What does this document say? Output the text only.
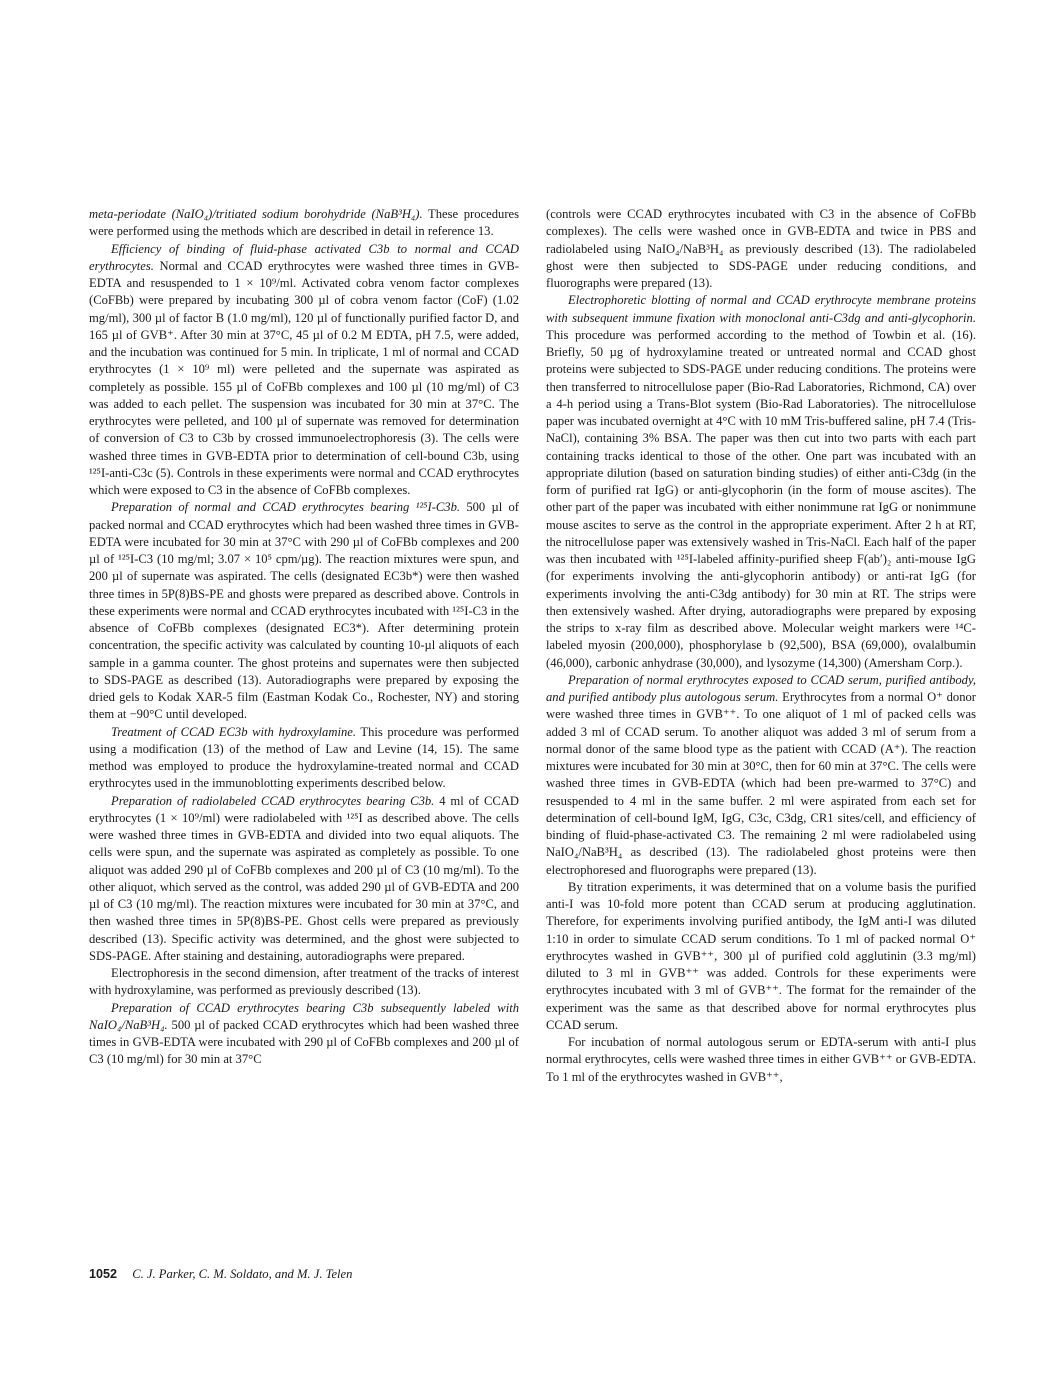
meta-periodate (NaIO₄)/tritiated sodium borohydride (NaB³H₄). These procedures were performed using the methods which are described in detail in reference 13.

Efficiency of binding of fluid-phase activated C3b to normal and CCAD erythrocytes. Normal and CCAD erythrocytes were washed three times in GVB-EDTA and resuspended to 1 × 10⁹/ml. Activated cobra venom factor complexes (CoFBb) were prepared by incubating 300 µl of cobra venom factor (CoF) (1.02 mg/ml), 300 µl of factor B (1.0 mg/ml), 120 µl of functionally purified factor D, and 165 µl of GVB⁺. After 30 min at 37°C, 45 µl of 0.2 M EDTA, pH 7.5, were added, and the incubation was continued for 5 min. In triplicate, 1 ml of normal and CCAD erythrocytes (1 × 10⁹ ml) were pelleted and the supernate was aspirated as completely as possible. 155 µl of CoFBb complexes and 100 µl (10 mg/ml) of C3 was added to each pellet. The suspension was incubated for 30 min at 37°C. The erythrocytes were pelleted, and 100 µl of supernate was removed for determination of conversion of C3 to C3b by crossed immunoelectrophoresis (3). The cells were washed three times in GVB-EDTA prior to determination of cell-bound C3b, using ¹²⁵I-anti-C3c (5). Controls in these experiments were normal and CCAD erythrocytes which were exposed to C3 in the absence of CoFBb complexes.

Preparation of normal and CCAD erythrocytes bearing ¹²⁵I-C3b. 500 µl of packed normal and CCAD erythrocytes which had been washed three times in GVB-EDTA were incubated for 30 min at 37°C with 290 µl of CoFBb complexes and 200 µl of ¹²⁵I-C3 (10 mg/ml; 3.07 × 10⁵ cpm/µg). The reaction mixtures were spun, and 200 µl of supernate was aspirated. The cells (designated EC3b*) were then washed three times in 5P(8)BS-PE and ghosts were prepared as described above. Controls in these experiments were normal and CCAD erythrocytes incubated with ¹²⁵I-C3 in the absence of CoFBb complexes (designated EC3*). After determining protein concentration, the specific activity was calculated by counting 10-µl aliquots of each sample in a gamma counter. The ghost proteins and supernates were then subjected to SDS-PAGE as described (13). Autoradiographs were prepared by exposing the dried gels to Kodak XAR-5 film (Eastman Kodak Co., Rochester, NY) and storing them at −90°C until developed.

Treatment of CCAD EC3b with hydroxylamine. This procedure was performed using a modification (13) of the method of Law and Levine (14, 15). The same method was employed to produce the hydroxylamine-treated normal and CCAD erythrocytes used in the immunoblotting experiments described below.

Preparation of radiolabeled CCAD erythrocytes bearing C3b. 4 ml of CCAD erythrocytes (1 × 10⁹/ml) were radiolabeled with ¹²⁵I as described above. The cells were washed three times in GVB-EDTA and divided into two equal aliquots. The cells were spun, and the supernate was aspirated as completely as possible. To one aliquot was added 290 µl of CoFBb complexes and 200 µl of C3 (10 mg/ml). To the other aliquot, which served as the control, was added 290 µl of GVB-EDTA and 200 µl of C3 (10 mg/ml). The reaction mixtures were incubated for 30 min at 37°C, and then washed three times in 5P(8)BS-PE. Ghost cells were prepared as previously described (13). Specific activity was determined, and the ghost were subjected to SDS-PAGE. After staining and destaining, autoradiographs were prepared.

Electrophoresis in the second dimension, after treatment of the tracks of interest with hydroxylamine, was performed as previously described (13).

Preparation of CCAD erythrocytes bearing C3b subsequently labeled with NaIO₄/NaB³H₄. 500 µl of packed CCAD erythrocytes which had been washed three times in GVB-EDTA were incubated with 290 µl of CoFBb complexes and 200 µl of C3 (10 mg/ml) for 30 min at 37°C

(controls were CCAD erythrocytes incubated with C3 in the absence of CoFBb complexes). The cells were washed once in GVB-EDTA and twice in PBS and radiolabeled using NaIO₄/NaB³H₄ as previously described (13). The radiolabeled ghost were then subjected to SDS-PAGE under reducing conditions, and fluorographs were prepared (13).

Electrophoretic blotting of normal and CCAD erythrocyte membrane proteins with subsequent immune fixation with monoclonal anti-C3dg and anti-glycophorin. This procedure was performed according to the method of Towbin et al. (16). Briefly, 50 µg of hydroxylamine treated or untreated normal and CCAD ghost proteins were subjected to SDS-PAGE under reducing conditions. The proteins were then transferred to nitrocellulose paper (Bio-Rad Laboratories, Richmond, CA) over a 4-h period using a Trans-Blot system (Bio-Rad Laboratories). The nitrocellulose paper was incubated overnight at 4°C with 10 mM Tris-buffered saline, pH 7.4 (Tris-NaCl), containing 3% BSA. The paper was then cut into two parts with each part containing tracks identical to those of the other. One part was incubated with an appropriate dilution (based on saturation binding studies) of either anti-C3dg (in the form of purified rat IgG) or anti-glycophorin (in the form of mouse ascites). The other part of the paper was incubated with either nonimmune rat IgG or nonimmune mouse ascites to serve as the control in the appropriate experiment. After 2 h at RT, the nitrocellulose paper was extensively washed in Tris-NaCl. Each half of the paper was then incubated with ¹²⁵I-labeled affinity-purified sheep F(ab′)₂ anti-mouse IgG (for experiments involving the anti-glycophorin antibody) or anti-rat IgG (for experiments involving the anti-C3dg antibody) for 30 min at RT. The strips were then extensively washed. After drying, autoradiographs were prepared by exposing the strips to x-ray film as described above. Molecular weight markers were ¹⁴C-labeled myosin (200,000), phosphorylase b (92,500), BSA (69,000), ovalalbumin (46,000), carbonic anhydrase (30,000), and lysozyme (14,300) (Amersham Corp.).

Preparation of normal erythrocytes exposed to CCAD serum, purified antibody, and purified antibody plus autologous serum. Erythrocytes from a normal O⁺ donor were washed three times in GVB⁺⁺. To one aliquot of 1 ml of packed cells was added 3 ml of CCAD serum. To another aliquot was added 3 ml of serum from a normal donor of the same blood type as the patient with CCAD (A⁺). The reaction mixtures were incubated for 30 min at 30°C, then for 60 min at 37°C. The cells were washed three times in GVB-EDTA (which had been pre-warmed to 37°C) and resuspended to 4 ml in the same buffer. 2 ml were aspirated from each set for determination of cell-bound IgM, IgG, C3c, C3dg, CR1 sites/cell, and efficiency of binding of fluid-phase-activated C3. The remaining 2 ml were radiolabeled using NaIO₄/NaB³H₄ as described (13). The radiolabeled ghost proteins were then electrophoresed and fluorographs were prepared (13).

By titration experiments, it was determined that on a volume basis the purified anti-I was 10-fold more potent than CCAD serum at producing agglutination. Therefore, for experiments involving purified antibody, the IgM anti-I was diluted 1:10 in order to simulate CCAD serum conditions. To 1 ml of packed normal O⁺ erythrocytes washed in GVB⁺⁺, 300 µl of purified cold agglutinin (3.3 mg/ml) diluted to 3 ml in GVB⁺⁺ was added. Controls for these experiments were erythrocytes incubated with 3 ml of GVB⁺⁺. The format for the remainder of the experiment was the same as that described above for normal erythrocytes plus CCAD serum.

For incubation of normal autologous serum or EDTA-serum with anti-I plus normal erythrocytes, cells were washed three times in either GVB⁺⁺ or GVB-EDTA. To 1 ml of the erythrocytes washed in GVB⁺⁺,

1052 C. J. Parker, C. M. Soldato, and M. J. Telen
